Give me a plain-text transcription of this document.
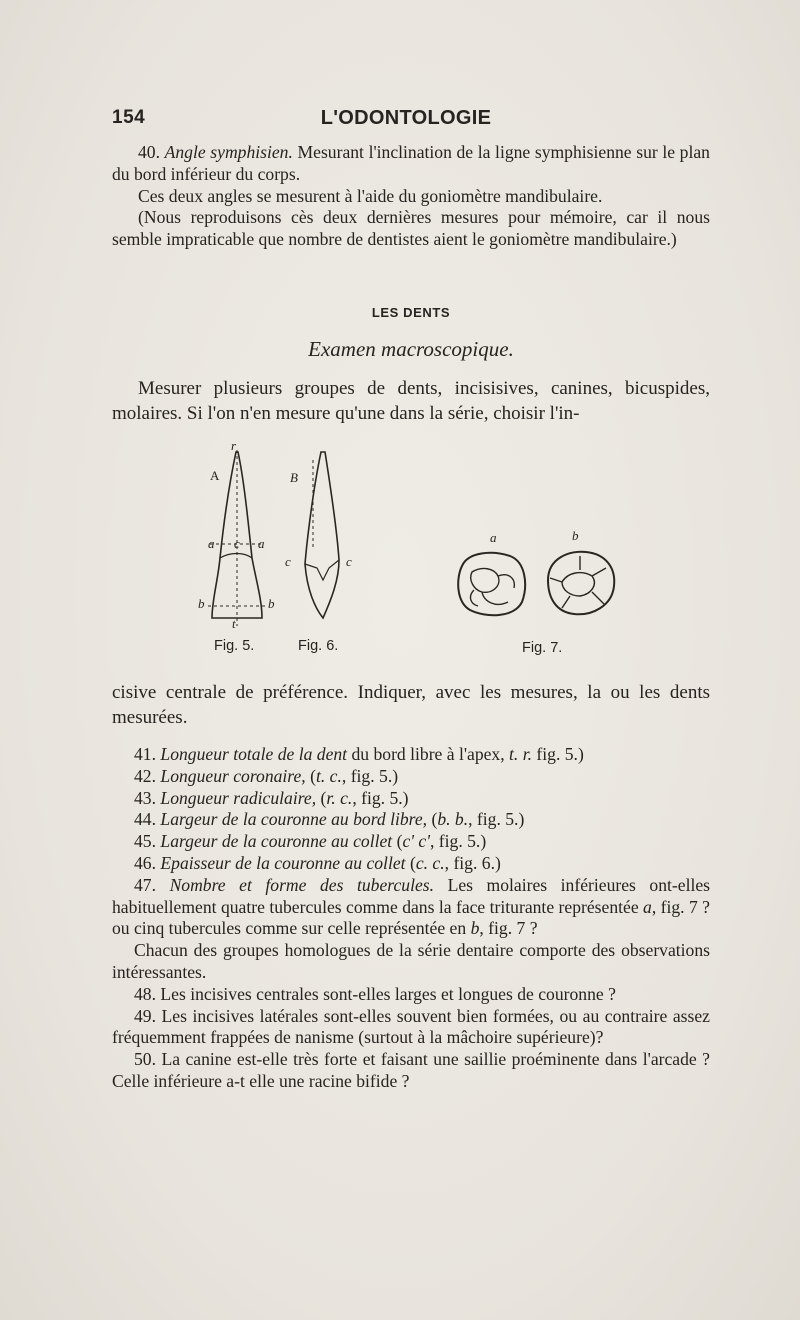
154	L'ODONTOLOGIE

40. Angle symphisien. Mesurant l'inclination de la ligne symphisienne sur le plan du bord inférieur du corps.

Ces deux angles se mesurent à l'aide du goniomètre mandibulaire.

(Nous reproduisons cès deux dernières mesures pour mémoire, car il nous semble impraticable que nombre de dentistes aient le goniomètre mandibulaire.)

LES DENTS
Examen macroscopique.

Mesurer plusieurs groupes de dents, incisisives, canines, bicuspides, molaires. Si l'on n'en mesure qu'une dans la série, choisir l'in-

A
r
a c a
b	b
t
B
c	c
a	b
Fig. 5.	Fig. 6.	Fig. 7.

cisive centrale de préférence. Indiquer, avec les mesures, la ou les dents mesurées.

41. Longueur totale de la dent du bord libre à l'apex, t. r. fig. 5.)

42. Longueur coronaire, (t. c., fig. 5.)

43. Longueur radiculaire, (r. c., fig. 5.)

44. Largeur de la couronne au bord libre, (b. b., fig. 5.)

45. Largeur de la couronne au collet (c' c', fig. 5.)

46. Epaisseur de la couronne au collet (c. c., fig. 6.)

47. Nombre et forme des tubercules. Les molaires inférieures ont-elles habituellement quatre tubercules comme dans la face triturante représentée a, fig. 7 ? ou cinq tubercules comme sur celle représentée en b, fig. 7 ?

Chacun des groupes homologues de la série dentaire comporte des observations intéressantes.

48. Les incisives centrales sont-elles larges et longues de couronne ?

49. Les incisives latérales sont-elles souvent bien formées, ou au contraire assez fréquemment frappées de nanisme (surtout à la mâchoire supérieure)?

50. La canine est-elle très forte et faisant une saillie proéminente dans l'arcade ? Celle inférieure a-t elle une racine bifide ?
